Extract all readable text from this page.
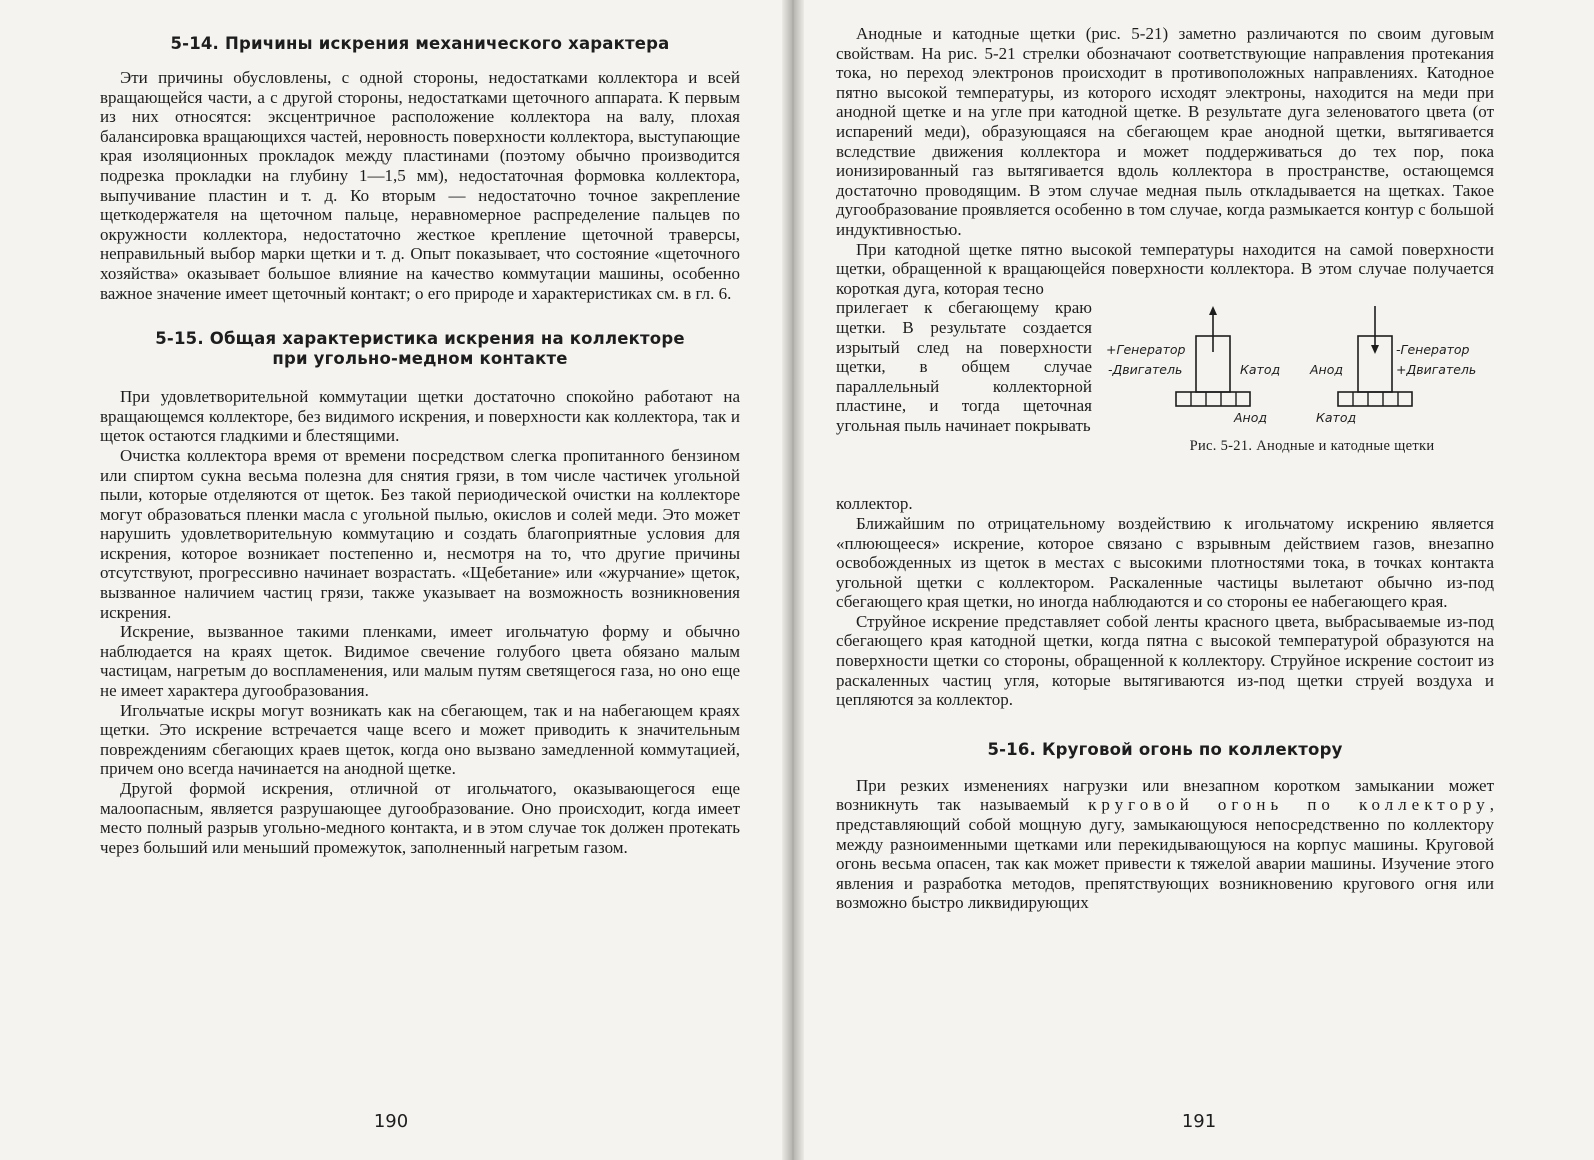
5-14. Причины искрения механического характера

Эти причины обусловлены, с одной стороны, недостатками коллектора и всей вращающейся части, а с другой стороны, недостатками щеточного аппарата. К первым из них относятся: эксцентричное расположение коллектора на валу, плохая балансировка вращающихся частей, неровность поверхности коллектора, выступающие края изоляционных прокладок между пластинами (поэтому обычно производится подрезка прокладки на глубину 1—1,5 мм), недостаточная формовка коллектора, выпучивание пластин и т. д. Ко вторым — недостаточно точное закрепление щеткодержателя на щеточном пальце, неравномерное распределение пальцев по окружности коллектора, недостаточно жесткое крепление щеточной траверсы, неправильный выбор марки щетки и т. д. Опыт показывает, что состояние «щеточного хозяйства» оказывает большое влияние на качество коммутации машины, особенно важное значение имеет щеточный контакт; о его природе и характеристиках см. в гл. 6.

5-15. Общая характеристика искрения на коллекторе
при угольно-медном контакте

При удовлетворительной коммутации щетки достаточно спокойно работают на вращающемся коллекторе, без видимого искрения, и поверхности как коллектора, так и щеток остаются гладкими и блестящими.

Очистка коллектора время от времени посредством слегка пропитанного бензином или спиртом сукна весьма полезна для снятия грязи, в том числе частичек угольной пыли, которые отделяются от щеток. Без такой периодической очистки на коллекторе могут образоваться пленки масла с угольной пылью, окислов и солей меди. Это может нарушить удовлетворительную коммутацию и создать благоприятные условия для искрения, которое возникает постепенно и, несмотря на то, что другие причины отсутствуют, прогрессивно начинает возрастать. «Щебетание» или «журчание» щеток, вызванное наличием частиц грязи, также указывает на возможность возникновения искрения.

Искрение, вызванное такими пленками, имеет игольчатую форму и обычно наблюдается на краях щеток. Видимое свечение голубого цвета обязано малым частицам, нагретым до воспламенения, или малым путям светящегося газа, но оно еще не имеет характера дугообразования.

Игольчатые искры могут возникать как на сбегающем, так и на набегающем краях щетки. Это искрение встречается чаще всего и может приводить к значительным повреждениям сбегающих краев щеток, когда оно вызвано замедленной коммутацией, причем оно всегда начинается на анодной щетке.

Другой формой искрения, отличной от игольчатого, оказывающегося еще малоопасным, является разрушающее дугообразование. Оно происходит, когда имеет место полный разрыв угольно-медного контакта, и в этом случае ток должен протекать через больший или меньший промежуток, заполненный нагретым газом.

190

Анодные и катодные щетки (рис. 5-21) заметно различаются по своим дуговым свойствам. На рис. 5-21 стрелки обозначают соответствующие направления протекания тока, но переход электронов происходит в противоположных направлениях. Катодное пятно высокой температуры, из которого исходят электроны, находится на меди при анодной щетке и на угле при катодной щетке. В результате дуга зеленоватого цвета (от испарений меди), образующаяся на сбегающем крае анодной щетки, вытягивается вследствие движения коллектора и может поддерживаться до тех пор, пока ионизированный газ вытягивается вдоль коллектора в пространстве, остающемся достаточно проводящим. В этом случае медная пыль откладывается на щетках. Такое дугообразование проявляется особенно в том случае, когда размыкается контур с большой индуктивностью.

При катодной щетке пятно высокой температуры находится на самой поверхности щетки, обращенной к вращающейся поверхности коллектора. В этом случае получается короткая дуга, которая тесно

прилегает к сбегающему краю щетки. В результате создается изрытый след на поверхности щетки, в общем случае параллельный коллекторной пластине, и тогда щеточная угольная пыль начинает покрывать

+Генератор
-Двигатель	Катод
Анод
-Генератор
+Двигатель
Анод
Катод
Рис. 5-21. Анодные и катодные щетки

коллектор.

Ближайшим по отрицательному воздействию к игольчатому искрению является «плюющееся» искрение, которое связано с взрывным действием газов, внезапно освобожденных из щеток в местах с высокими плотностями тока, в точках контакта угольной щетки с коллектором. Раскаленные частицы вылетают обычно из-под сбегающего края щетки, но иногда наблюдаются и со стороны ее набегающего края.

Струйное искрение представляет собой ленты красного цвета, выбрасываемые из-под сбегающего края катодной щетки, когда пятна с высокой температурой образуются на поверхности щетки со стороны, обращенной к коллектору. Струйное искрение состоит из раскаленных частиц угля, которые вытягиваются из-под щетки струей воздуха и цепляются за коллектор.

5-16. Круговой огонь по коллектору

При резких изменениях нагрузки или внезапном коротком замыкании может возникнуть так называемый круговой огонь по коллектору, представляющий собой мощную дугу, замыкающуюся непосредственно по коллектору между разноименными щетками или перекидывающуюся на корпус машины. Круговой огонь весьма опасен, так как может привести к тяжелой аварии машины. Изучение этого явления и разработка методов, препятствующих возникновению кругового огня или возможно быстро ликвидирующих

191
